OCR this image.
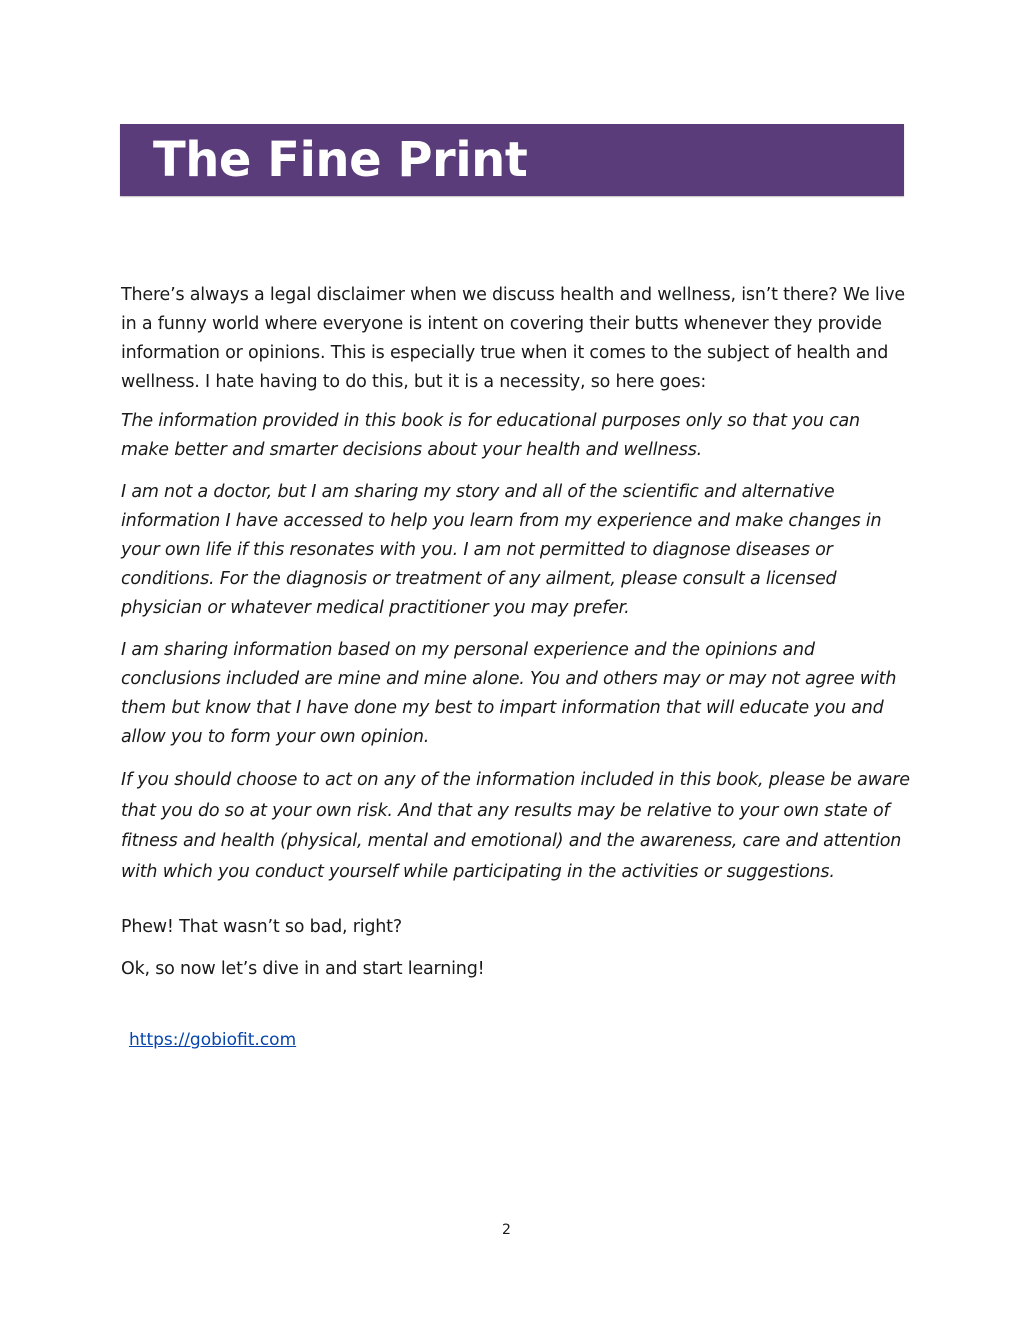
The Fine Print

There’s always a legal disclaimer when we discuss health and wellness, isn’t there? We live in a funny world where everyone is intent on covering their butts whenever they provide information or opinions. This is especially true when it comes to the subject of health and wellness. I hate having to do this, but it is a necessity, so here goes:

The information provided in this book is for educational purposes only so that you can make better and smarter decisions about your health and wellness.

I am not a doctor, but I am sharing my story and all of the scientific and alternative information I have accessed to help you learn from my experience and make changes in your own life if this resonates with you. I am not permitted to diagnose diseases or conditions. For the diagnosis or treatment of any ailment, please consult a licensed physician or whatever medical practitioner you may prefer.

I am sharing information based on my personal experience and the opinions and conclusions included are mine and mine alone. You and others may or may not agree with them but know that I have done my best to impart information that will educate you and allow you to form your own opinion.

If you should choose to act on any of the information included in this book, please be aware that you do so at your own risk. And that any results may be relative to your own state of fitness and health (physical, mental and emotional) and the awareness, care and attention with which you conduct yourself while participating in the activities or suggestions.

Phew! That wasn’t so bad, right?

Ok, so now let’s dive in and start learning!

https://gobiofit.com
2
